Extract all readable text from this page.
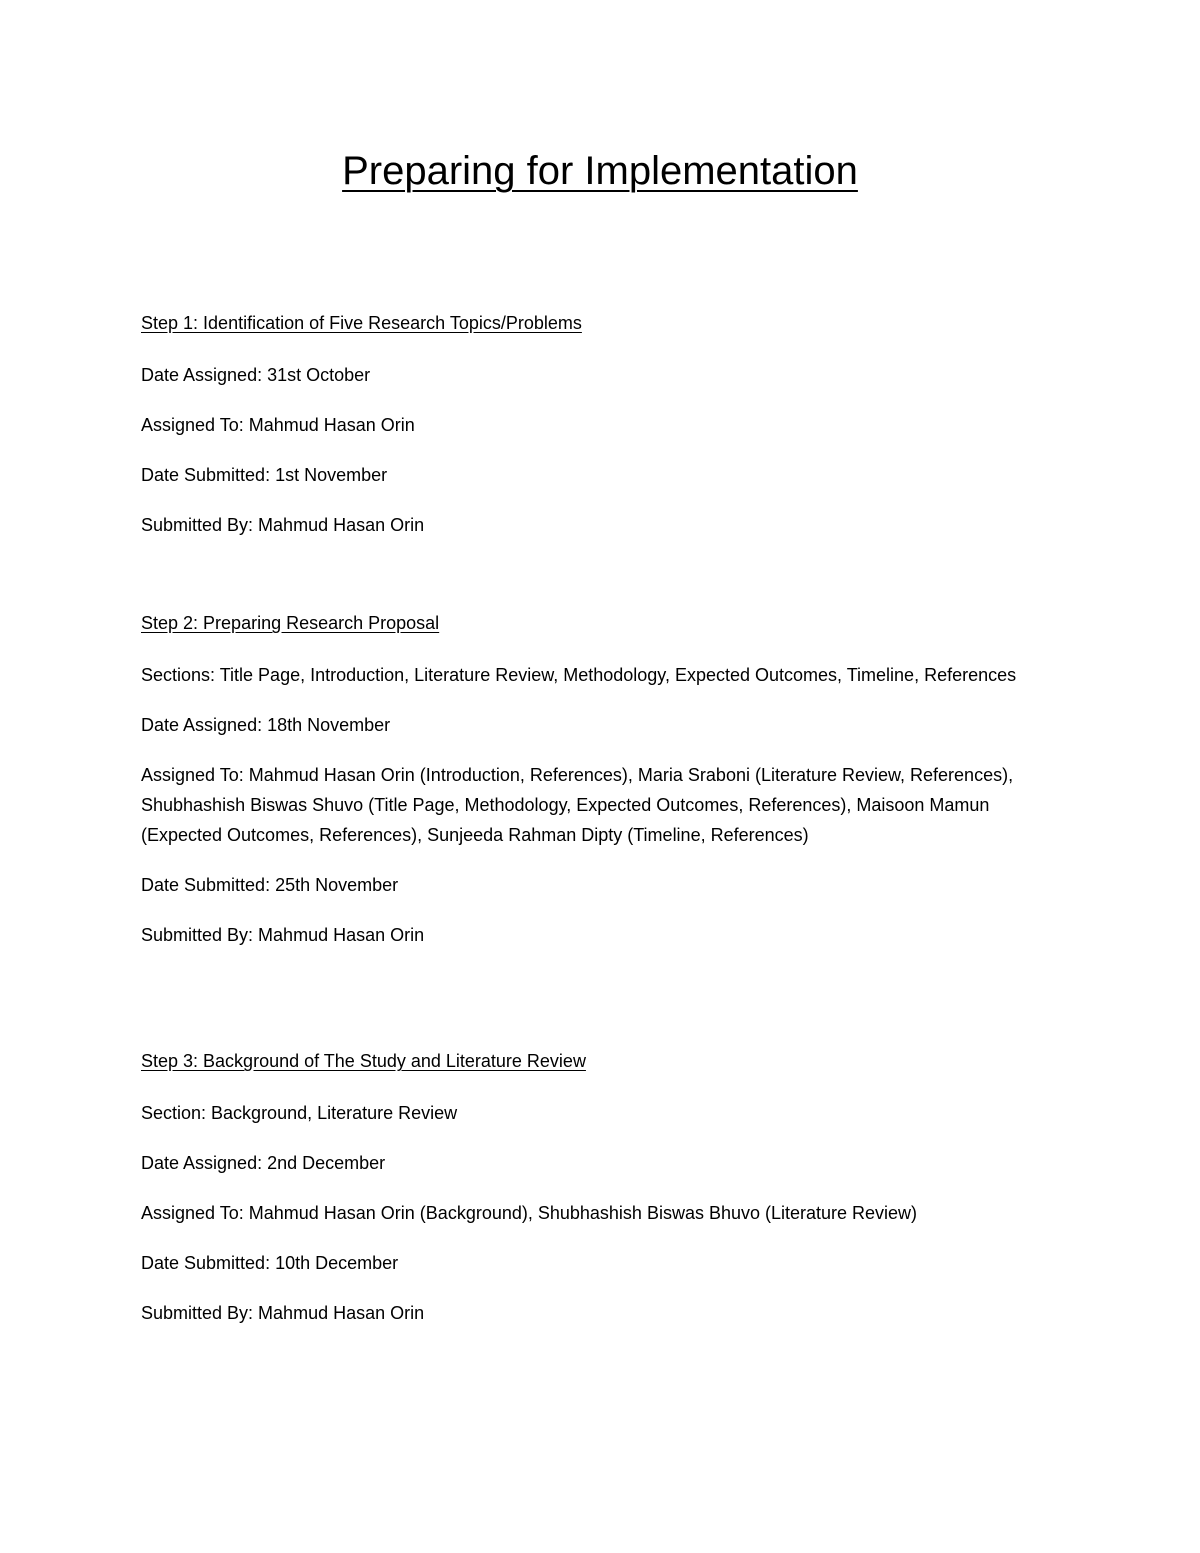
Preparing for Implementation
Step 1: Identification of Five Research Topics/Problems

Date Assigned: 31st October

Assigned To: Mahmud Hasan Orin

Date Submitted: 1st November

Submitted By: Mahmud Hasan Orin

Step 2: Preparing Research Proposal

Sections: Title Page, Introduction, Literature Review, Methodology, Expected Outcomes, Timeline, References

Date Assigned: 18th November

Assigned To: Mahmud Hasan Orin (Introduction, References), Maria Sraboni (Literature Review, References), Shubhashish Biswas Shuvo (Title Page, Methodology, Expected Outcomes, References), Maisoon Mamun (Expected Outcomes, References), Sunjeeda Rahman Dipty (Timeline, References)

Date Submitted: 25th November

Submitted By: Mahmud Hasan Orin

Step 3: Background of The Study and Literature Review

Section: Background, Literature Review

Date Assigned: 2nd December

Assigned To: Mahmud Hasan Orin (Background), Shubhashish Biswas Bhuvo (Literature Review)

Date Submitted: 10th December

Submitted By: Mahmud Hasan Orin
